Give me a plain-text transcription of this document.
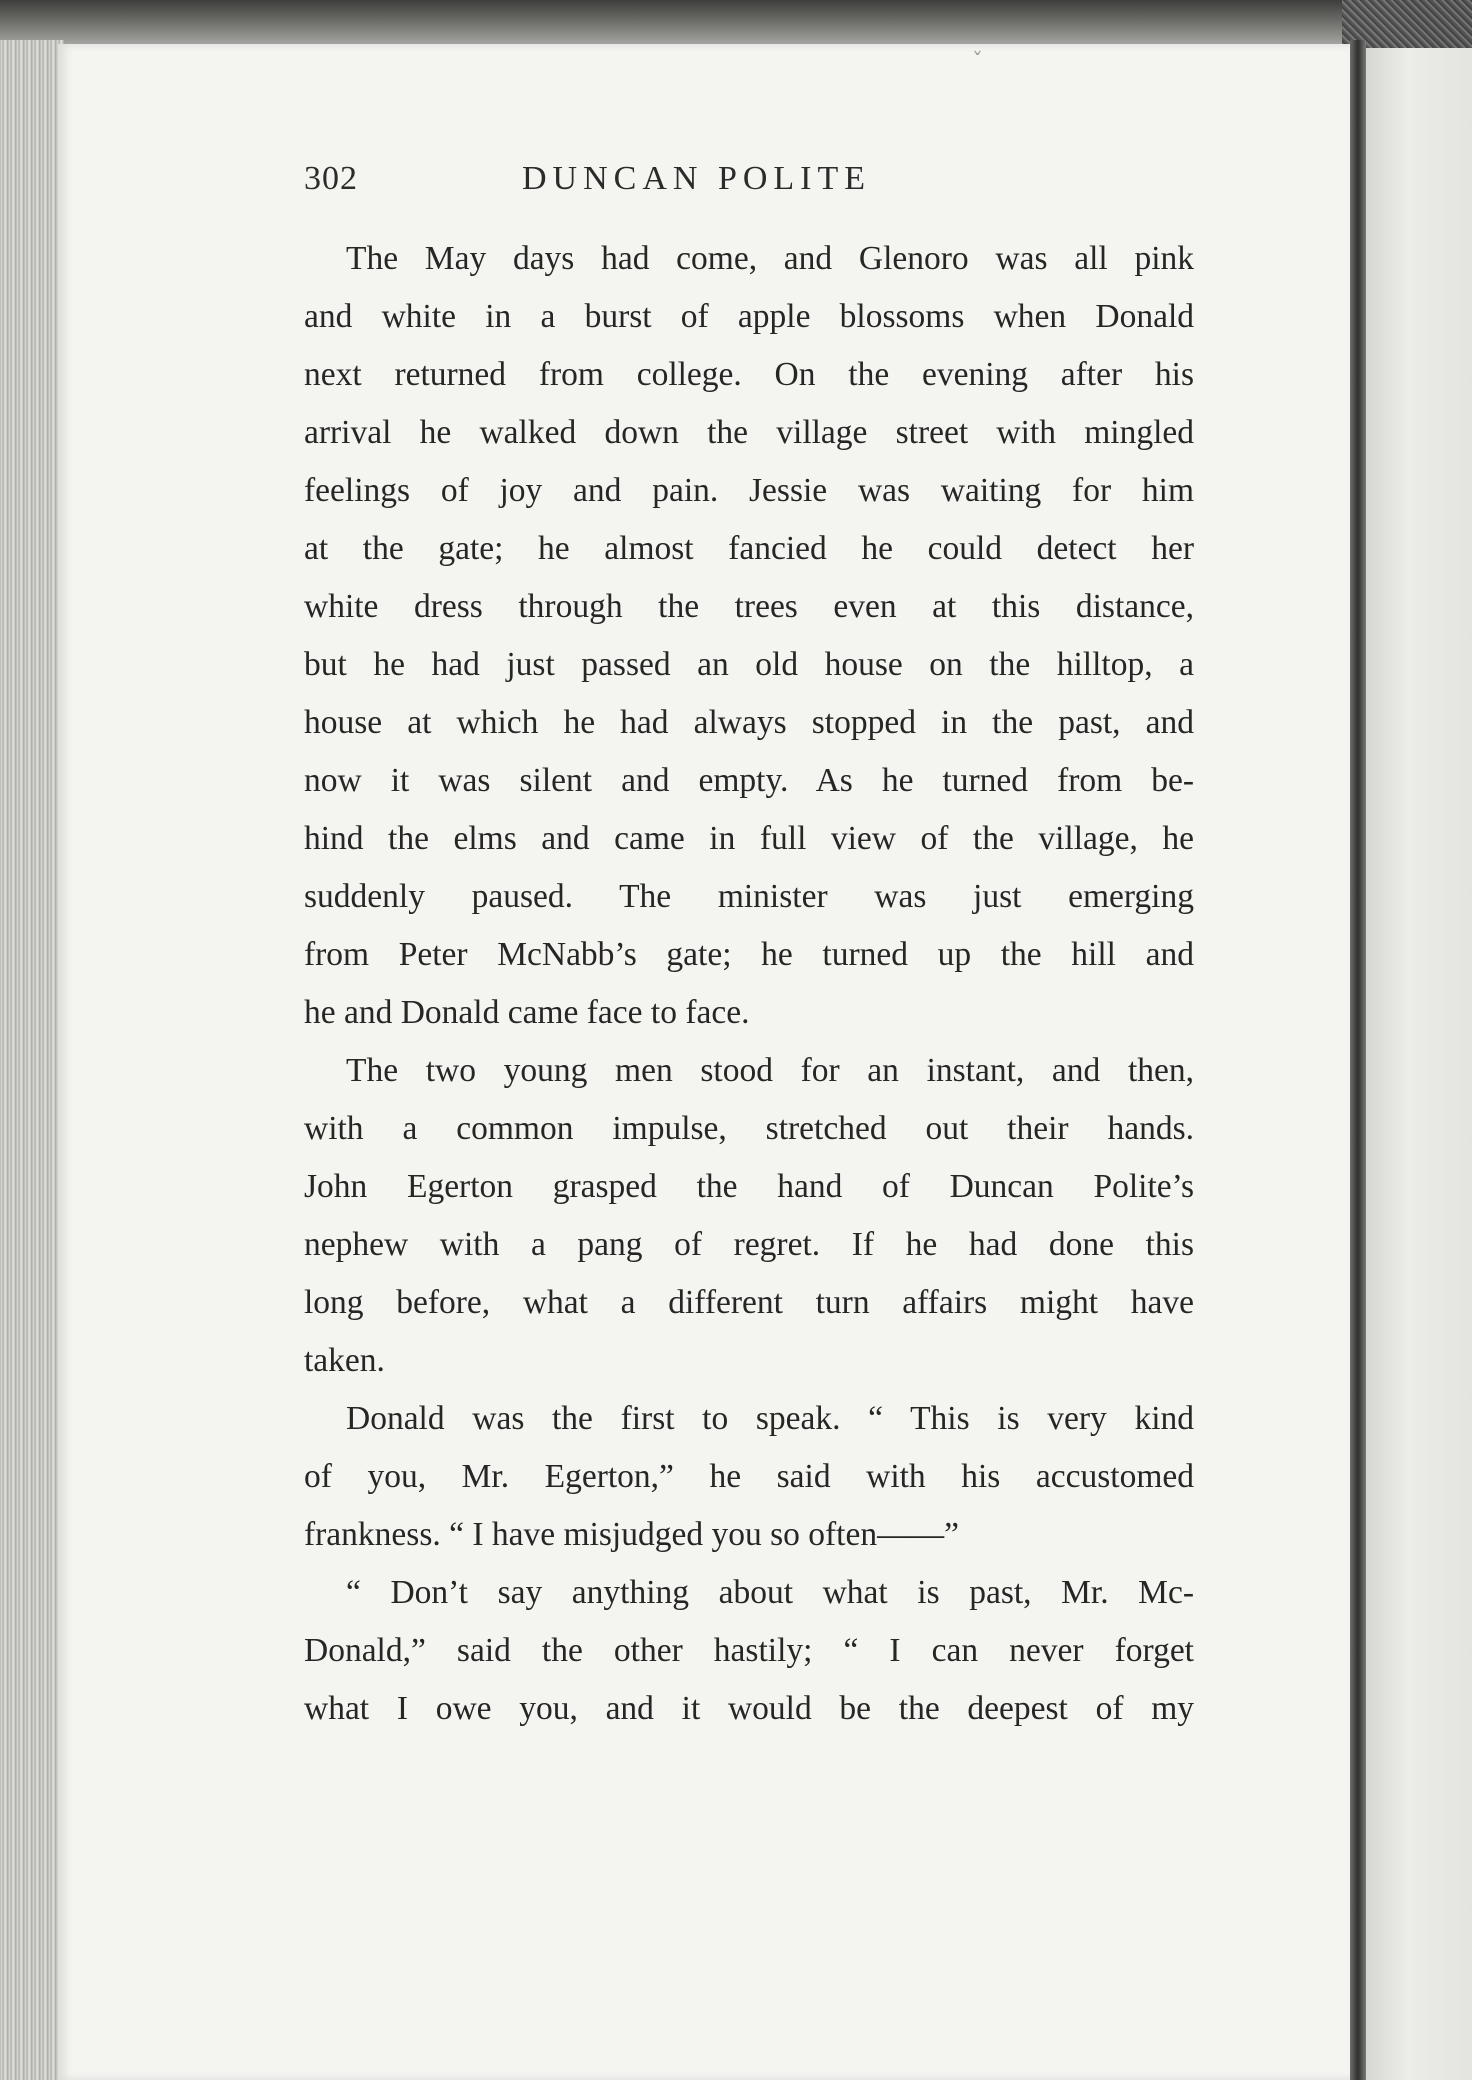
ˇ
302	DUNCAN POLITE
The May days had come, and Glenoro was all pink
and white in a burst of apple blossoms when Donald
next returned from college. On the evening after his
arrival he walked down the village street with mingled
feelings of joy and pain. Jessie was waiting for him
at the gate; he almost fancied he could detect her
white dress through the trees even at this distance,
but he had just passed an old house on the hilltop, a
house at which he had always stopped in the past, and
now it was silent and empty. As he turned from be-
hind the elms and came in full view of the village, he
suddenly paused. The minister was just emerging
from Peter McNabb’s gate; he turned up the hill and
he and Donald came face to face.
The two young men stood for an instant, and then,
with a common impulse, stretched out their hands.
John Egerton grasped the hand of Duncan Polite’s
nephew with a pang of regret. If he had done this
long before, what a different turn affairs might have
taken.
Donald was the first to speak. “ This is very kind
of you, Mr. Egerton,” he said with his accustomed
frankness. “ I have misjudged you so often——”
“ Don’t say anything about what is past, Mr. Mc-
Donald,” said the other hastily; “ I can never forget
what I owe you, and it would be the deepest of my
